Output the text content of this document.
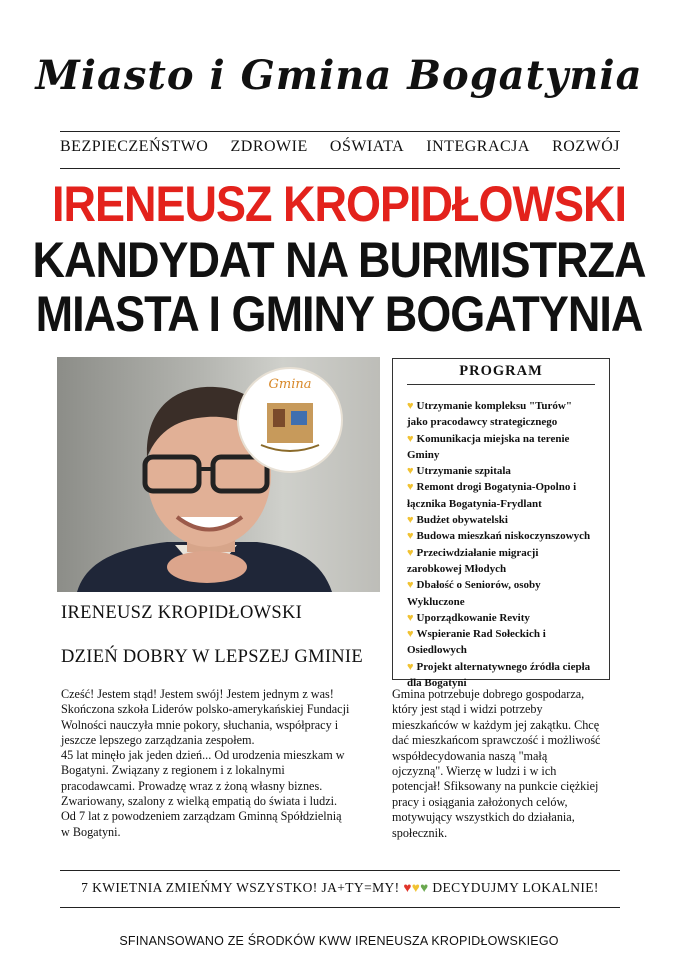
Miasto i Gmina Bogatynia
BEZPIECZEŃSTWO ZDROWIE OŚWIATA INTEGRACJA ROZWÓJ
IRENEUSZ KROPIDŁOWSKI
KANDYDAT NA BURMISTRZA
MIASTA I GMINY BOGATYNIA
Gmina
PROGRAM
♥ Utrzymanie kompleksu "Turów"
jako pracodawcy strategicznego
♥ Komunikacja miejska na terenie
Gminy
♥ Utrzymanie szpitala
♥ Remont drogi Bogatynia-Opolno i
łącznika Bogatynia-Frydlant
♥ Budżet obywatelski
♥ Budowa mieszkań niskoczynszowych
♥ Przeciwdziałanie migracji
zarobkowej Młodych
♥ Dbałość o Seniorów, osoby
Wykluczone
♥ Uporządkowanie Revity
♥ Wspieranie Rad Sołeckich i
Osiedlowych
♥ Projekt alternatywnego źródła ciepła
dla Bogatyni
IRENEUSZ KROPIDŁOWSKI
DZIEŃ DOBRY W LEPSZEJ GMINIE
Cześć! Jestem stąd! Jestem swój! Jestem jednym z was!
Skończona szkoła Liderów polsko-amerykańskiej Fundacji
Wolności nauczyła mnie pokory, słuchania, współpracy i
jeszcze lepszego zarządzania zespołem.
45 lat minęło jak jeden dzień... Od urodzenia mieszkam w
Bogatyni. Związany z regionem i z lokalnymi
pracodawcami. Prowadzę wraz z żoną własny biznes.
Zwariowany, szalony z wielką empatią do świata i ludzi.
Od 7 lat z powodzeniem zarządzam Gminną Spółdzielnią
w Bogatyni.
Gmina potrzebuje dobrego gospodarza,
który jest stąd i widzi potrzeby
mieszkańców w każdym jej zakątku. Chcę
dać mieszkańcom sprawczość i możliwość
współdecydowania naszą "małą
ojczyzną". Wierzę w ludzi i w ich
potencjał! Sfiksowany na punkcie ciężkiej
pracy i osiągania założonych celów,
motywujący wszystkich do działania,
społecznik.
7 KWIETNIA ZMIEŃMY WSZYSTKO! JA+TY=MY! ♥♥♥ DECYDUJMY LOKALNIE!
SFINANSOWANO ZE ŚRODKÓW KWW IRENEUSZA KROPIDŁOWSKIEGO
